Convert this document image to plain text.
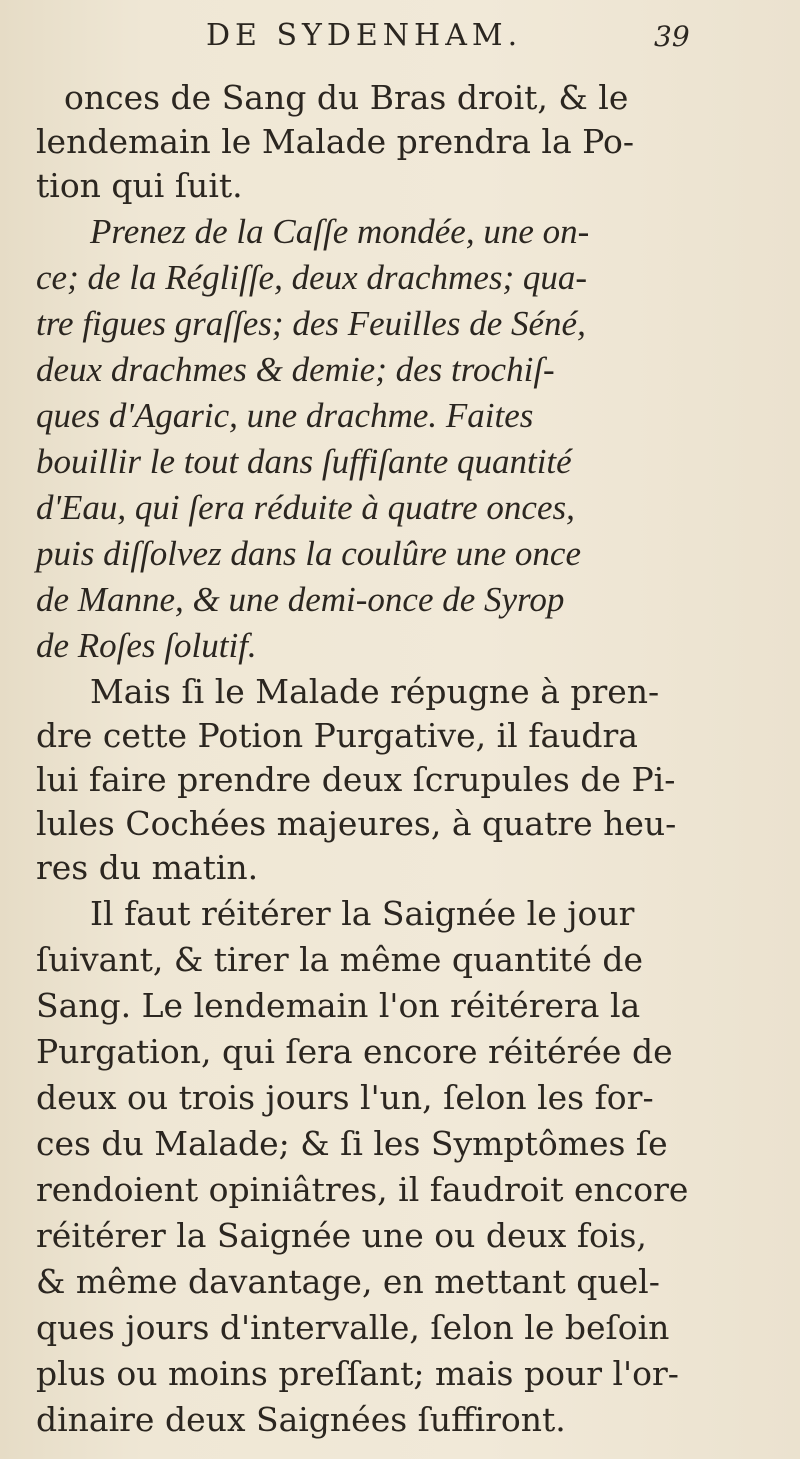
DE SYDENHAM.	39
onces de Sang du Bras droit, & le
lendemain le Malade prendra la Po-
tion qui ſuit.
Prenez de la Caſſe mondée, une on-
ce; de la Régliſſe, deux drachmes; qua-
tre figues graſſes; des Feuilles de Séné,
deux drachmes & demie; des trochiſ-
ques d'Agaric, une drachme. Faites
bouillir le tout dans ſuffiſante quantité
d'Eau, qui ſera réduite à quatre onces,
puis diſſolvez dans la coulûre une once
de Manne, & une demi-once de Syrop
de Roſes ſolutif.
Mais ſi le Malade répugne à pren-
dre cette Potion Purgative, il faudra
lui faire prendre deux ſcrupules de Pi-
lules Cochées majeures, à quatre heu-
res du matin.
Il faut réitérer la Saignée le jour
ſuivant, & tirer la même quantité de
Sang. Le lendemain l'on réitérera la
Purgation, qui ſera encore réitérée de
deux ou trois jours l'un, ſelon les for-
ces du Malade; & ſi les Symptômes ſe
rendoient opiniâtres, il faudroit encore
réitérer la Saignée une ou deux fois,
& même davantage, en mettant quel-
ques jours d'intervalle, ſelon le beſoin
plus ou moins preſſant; mais pour l'or-
dinaire deux Saignées ſuffiront.
